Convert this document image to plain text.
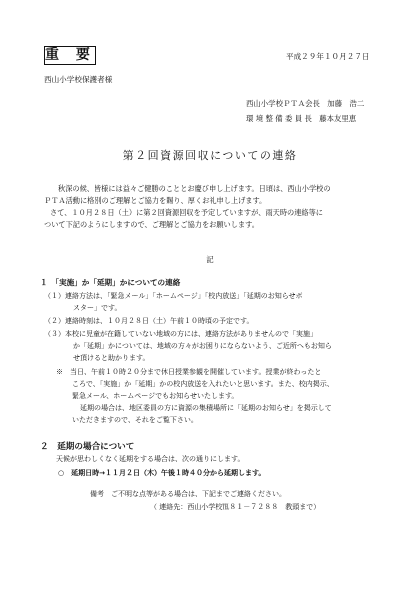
重 要	平成２９年１０月２７日
西山小学校保護者様
西山小学校ＰＴＡ会長　加藤　浩二
環 境 整 備 委 員 長　藤本友里恵
第２回資源回収についての連絡
秋深の候、皆様には益々ご健勝のこととお慶び申し上げます。日頃は、西山小学校の
ＰＴＡ活動に格別のご理解とご協力を賜り、厚くお礼申し上げます。
さて、１０月２８日（土）に第２回資源回収を予定していますが、雨天時の連絡等に
ついて下記のようにしますので、ご理解とご協力をお願いします。
記
１　「実施」か「延期」かについての連絡
（１）連絡方法は、「緊急メール」「ホームページ」「校内放送」「延期のお知らせボ
スター」です。
（２）連絡時刻は、１０月２８日（土）午前１０時頃の予定です。
（３）本校に児童が在籍していない地域の方には、連絡方法がありませんので「実施」
か「延期」かについては、地域の方々がお困りにならないよう、ご近所へもお知ら
せ頂けると助かります。
※　当日、午前１０時２０分まで休日授業参観を開催しています。授業が終わったと
ころで、「実施」か「延期」かの校内放送を入れたいと思います。また、校内掲示、
緊急メール、ホームページでもお知らせいたします。
延期の場合は、地区委員の方に資源の集積場所に「延期のお知らせ」を掲示して
いただきますので、それをご覧下さい。
２　延期の場合について
天候が思わしくなく延期をする場合は、次の通りにします。
○　延期日時→１１月２日（木）午後１時４０分から延期します。
備考　ご不明な点等がある場合は、下記までご連絡ください。
（ 連絡先：西山小学校℡８１－７２８８　教頭まで）
